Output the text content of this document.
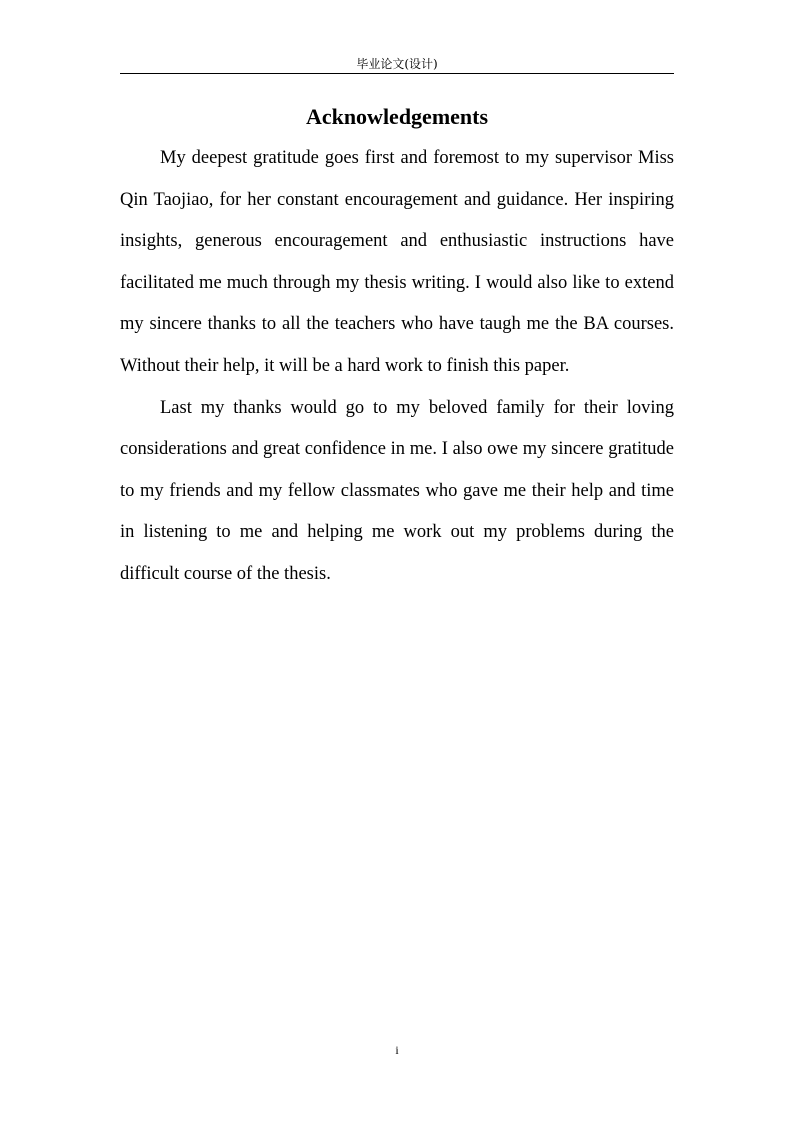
毕业论文(设计)
Acknowledgements

My deepest gratitude goes first and foremost to my supervisor Miss Qin Taojiao, for her constant encouragement and guidance. Her inspiring insights, generous encouragement and enthusiastic instructions have facilitated me much through my thesis writing. I would also like to extend my sincere thanks to all the teachers who have taugh me the BA courses. Without their help, it will be a hard work to finish this paper.

Last my thanks would go to my beloved family for their loving considerations and great confidence in me. I also owe my sincere gratitude to my friends and my fellow classmates who gave me their help and time in listening to me and helping me work out my problems during the difficult course of the thesis.

i
